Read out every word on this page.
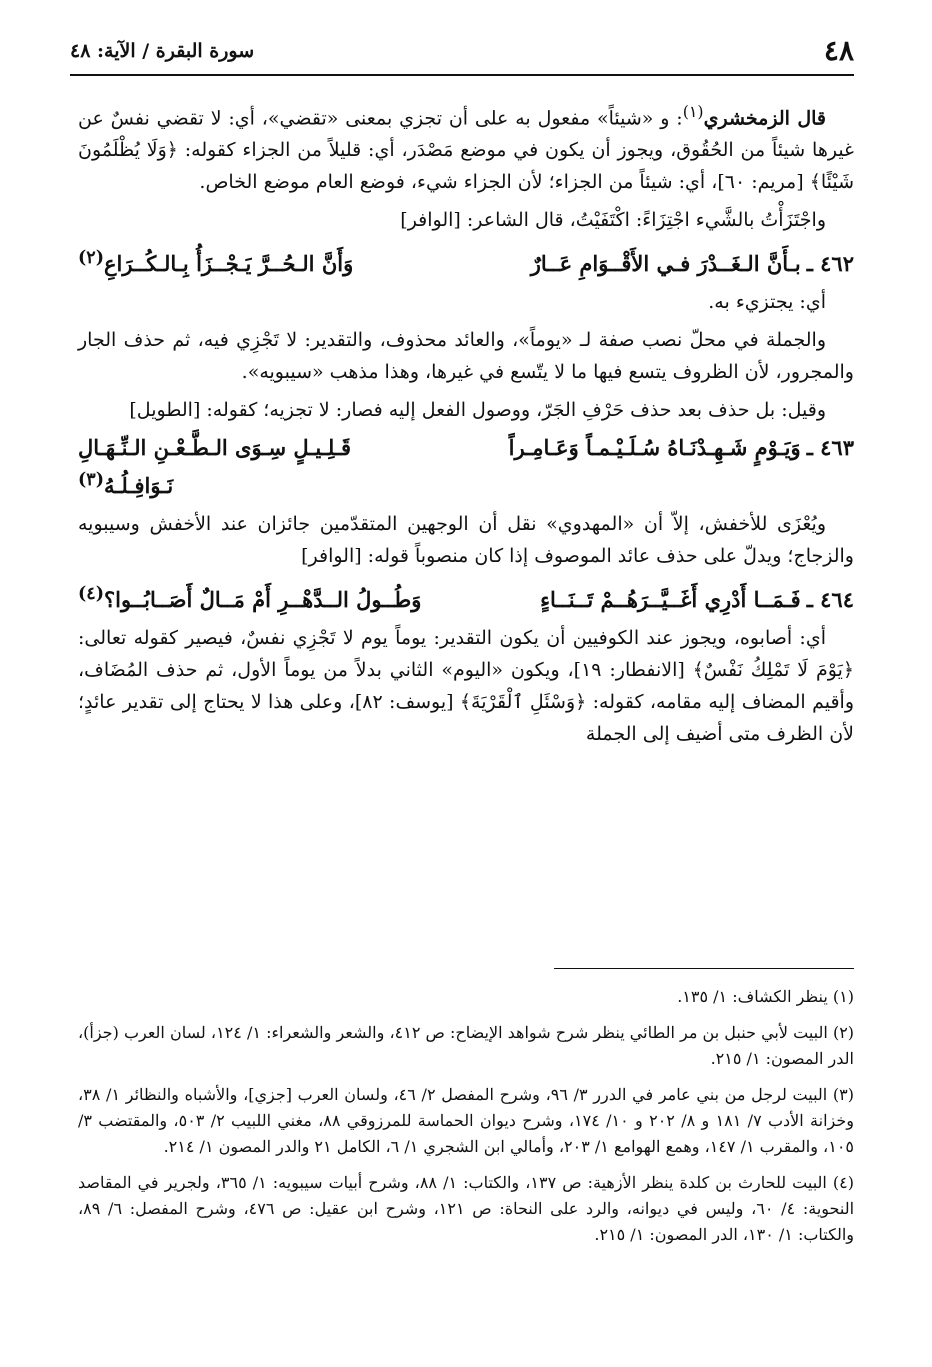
٤٨
سورة البقرة / الآية: ٤٨

قال الزمخشري$^{(١)}$: و «شيئاً» مفعول به على أن تجزي بمعنى «تقضي»، أي: لا تقضي نفسٌ عن غيرها شيئاً من الحُقُوق، ويجوز أن يكون في موضع مَصْدَر، أي: قليلاً من الجزاء كقوله: ﴿وَلَا يُظْلَمُونَ شَيْئًا﴾ [مريم: ٦٠]، أي: شيئاً من الجزاء؛ لأن الجزاء شيء، فوضع العام موضع الخاص.

واجْتَزَأْتُ بالشَّيء اجْتِزَاءً: اكْتَفَيْتُ، قال الشاعر: [الوافر]

٤٦٢ ـ
بـأَنَّ الـغَــدْرَ فـي الأَقْــوَامِ عَــارٌ
وَأَنَّ الـحُــرَّ يَـجْــزَأُ بِـالـكُــرَاعِ$^{(٢)}$

أي: يجتزيء به.

والجملة في محلّ نصب صفة لـ «يوماً»، والعائد محذوف، والتقدير: لا تَجْزِي فيه، ثم حذف الجار والمجرور، لأن الظروف يتسع فيها ما لا يتّسع في غيرها، وهذا مذهب «سيبويه».

وقيل: بل حذف بعد حذف حَرْفِ الجَرّ، ووصول الفعل إليه فصار: لا تجزيه؛ كقوله: [الطويل]

٤٦٣ ـ
وَيَـوْمٍ شَـهِـدْنَـاهُ سُـلَـيْـمـاً وَعَـامِـراً
قَـلِـيـلٍ سِـوَى الـطَّـعْـنِ الـنِّـهَـالِ نَـوَافِـلُـهُ$^{(٣)}$

ويُعْزَى للأخفش، إلاّ أن «المهدوي» نقل أن الوجهين المتقدّمين جائزان عند الأخفش وسيبويه والزجاج؛ ويدلّ على حذف عائد الموصوف إذا كان منصوباً قوله: [الوافر]

٤٦٤ ـ
فَـمَــا أَدْرِي أَغَــيَّــرَهُــمْ تَــنَــاءٍ
وَطُــولُ الــدَّهْــرِ أَمْ مَــالٌ أَصَــابُــوا؟$^{(٤)}$

أي: أصابوه، ويجوز عند الكوفيين أن يكون التقدير: يوماً يوم لا تَجْزِي نفسٌ، فيصير كقوله تعالى: ﴿يَوْمَ لَا تَمْلِكُ نَفْسٌ﴾ [الانفطار: ١٩]، ويكون «اليوم» الثاني بدلاً من يوماً الأول، ثم حذف المُضَاف، وأقيم المضاف إليه مقامه، كقوله: ﴿وَسْئَلِ ٱلْقَرْيَةَ﴾ [يوسف: ٨٢]، وعلى هذا لا يحتاج إلى تقدير عائدٍ؛ لأن الظرف متى أضيف إلى الجملة

(١) ينظر الكشاف: ١/ ١٣٥.

(٢) البيت لأبي حنبل بن مر الطائي ينظر شرح شواهد الإيضاح: ص ٤١٢، والشعر والشعراء: ١/ ١٢٤، لسان العرب (جزأ)، الدر المصون: ١/ ٢١٥.

(٣) البيت لرجل من بني عامر في الدرر ٣/ ٩٦، وشرح المفصل ٢/ ٤٦، ولسان العرب [جزي]، والأشباه والنظائر ١/ ٣٨، وخزانة الأدب ٧/ ١٨١ و ٨/ ٢٠٢ و ١٠/ ١٧٤، وشرح ديوان الحماسة للمرزوقي ٨٨، مغني اللبيب ٢/ ٥٠٣، والمقتضب ٣/ ١٠٥، والمقرب ١/ ١٤٧، وهمع الهوامع ١/ ٢٠٣، وأمالي ابن الشجري ١/ ٦، الكامل ٢١ والدر المصون ١/ ٢١٤.

(٤) البيت للحارث بن كلدة ينظر الأزهية: ص ١٣٧، والكتاب: ١/ ٨٨، وشرح أبيات سيبويه: ١/ ٣٦٥، ولجرير في المقاصد النحوية: ٤/ ٦٠، وليس في ديوانه، والرد على النحاة: ص ١٢١، وشرح ابن عقيل: ص ٤٧٦، وشرح المفصل: ٦/ ٨٩، والكتاب: ١/ ١٣٠، الدر المصون: ١/ ٢١٥.
